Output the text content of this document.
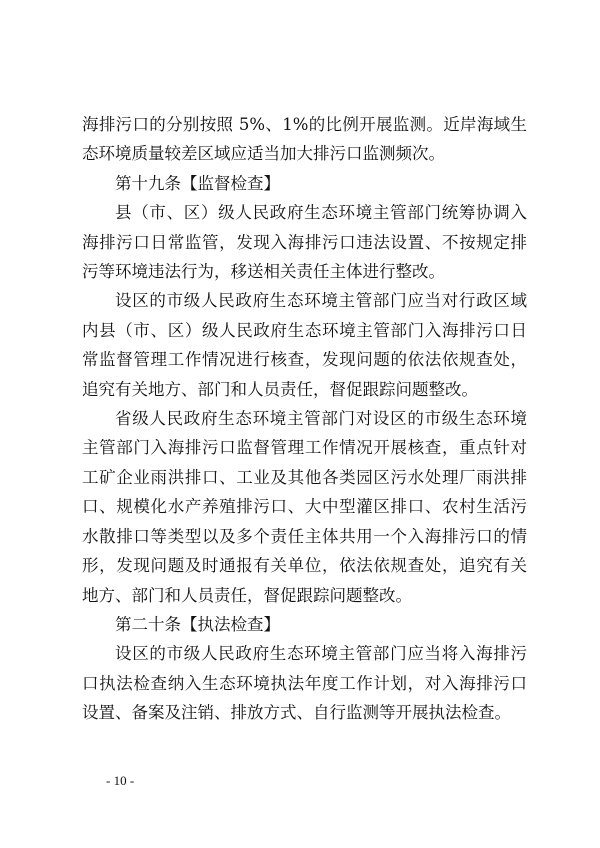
海排污口的分别按照 5%、1%的比例开展监测。近岸海域生态环境质量较差区域应适当加大排污口监测频次。

第十九条【监督检查】

县（市、区）级人民政府生态环境主管部门统筹协调入海排污口日常监管，发现入海排污口违法设置、不按规定排污等环境违法行为，移送相关责任主体进行整改。

设区的市级人民政府生态环境主管部门应当对行政区域内县（市、区）级人民政府生态环境主管部门入海排污口日常监督管理工作情况进行核查，发现问题的依法依规查处，追究有关地方、部门和人员责任，督促跟踪问题整改。

省级人民政府生态环境主管部门对设区的市级生态环境主管部门入海排污口监督管理工作情况开展核查，重点针对工矿企业雨洪排口、工业及其他各类园区污水处理厂雨洪排口、规模化水产养殖排污口、大中型灌区排口、农村生活污水散排口等类型以及多个责任主体共用一个入海排污口的情形，发现问题及时通报有关单位，依法依规查处，追究有关地方、部门和人员责任，督促跟踪问题整改。

第二十条【执法检查】

设区的市级人民政府生态环境主管部门应当将入海排污口执法检查纳入生态环境执法年度工作计划，对入海排污口设置、备案及注销、排放方式、自行监测等开展执法检查。

- 10 -
